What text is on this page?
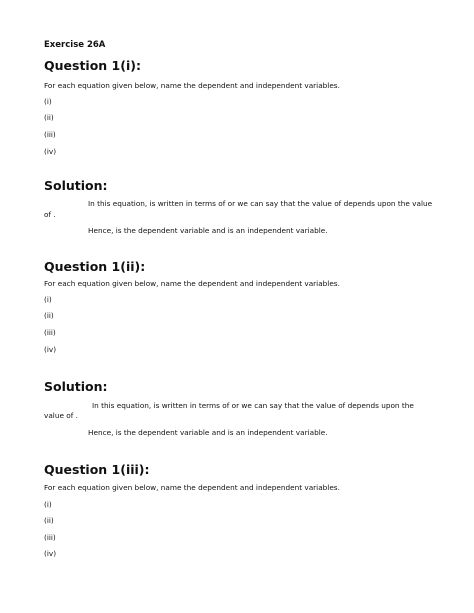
Exercise 26A
Question 1(i):
For each equation given below, name the dependent and independent variables.
(i)
(ii)
(iii)
(iv)
Solution:
In this equation, is written in terms of or we can say that the value of depends upon the value
of .
Hence, is the dependent variable and is an independent variable.
Question 1(ii):
For each equation given below, name the dependent and independent variables.
(i)
(ii)
(iii)
(iv)
Solution:
In this equation, is written in terms of or we can say that the value of depends upon the
value of .
Hence, is the dependent variable and is an independent variable.
Question 1(iii):
For each equation given below, name the dependent and independent variables.
(i)
(ii)
(iii)
(iv)
